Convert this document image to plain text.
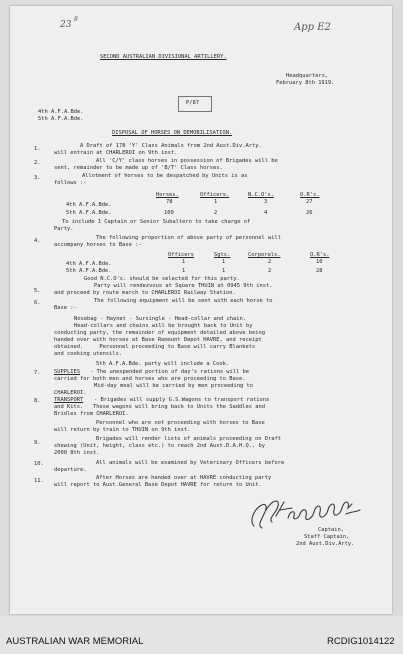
23
8
App E2
SECOND AUSTRALIAN DIVISIONAL ARTILLERY.
Headquarters,
February 8th 1919.
P/87
4th A.F.A.Bde.
5th A.F.A.Bde.
DISPOSAL OF HORSES ON DEMOBILISATION.
1.	A Draft of 178 'Y' Class Animals from 2nd Aust.Div.Arty.
will entrain at CHARLEROI on 9th inst.
2.	All 'C/Y' class horses in possession of Brigades will be
sent, remainder to be made up of 'B/T' Class horses.
3.	Allotment of horses to be despatched by Units is as
follows :-
Horses.	Officers.	N.C.O's.	O.R's.
4th A.F.A.Bde.	78	1	3	27
5th A.F.A.Bde.	100	2	4	26
To include 1 Captain or Senior Subaltern to take charge of
Party.
4.	The following proportion of above party of personnel will
accompany horses to Base :-
Officers	Sgts.	Corporals.	O.R's.
4th A.F.A.Bde.	1	1	2	10
5th A.F.A.Bde.	1	1	2	28
Good N.C.O's. should be selected for this party.
5.
Party will rendezvous at Square THUIN at 0945 9th inst.
and proceed by route march to CHARLEROI Railway Station.
6.	The following equipment will be sent with each horse to
Base :-
Nosebag - Haynet - Sursingle - Head-collar and chain.
Head-collars and chains will be brought back to Unit by
conducting party, the remainder of equipment detailed above being
handed over with horses at Base Remount Depot HAVRE, and receipt
obtained.     Personnel proceeding to Base will carry Blankets
and cooking utensils.
5th A.F.A.Bde. party will include a Cook.
7.	SUPPLIES - The unexpended portion of day's rations will be
carried for both men and horses who are proceeding to Base.
Mid-day meal will be carried by men proceeding to
CHARLEROI.
8.	TRANSPORT - Brigades will supply G.S.Wagons to transport rations
and Kits.   These wagons will bring back to Units the Saddles and
Bridles from CHARLEROI.
Personnel who are not proceeding with horses to Base
will return by train to THUIN on 9th inst.
9.
Brigades will render lists of animals proceeding on Draft
shewing (Unit, height, class etc.) to reach 2nd Aust.D.A.H.Q., by
2000 8th inst.
10.	All animals will be examined by Veterinary Officers before
departure.
11.	After Horses are handed over at HAVRE conducting party
will report to Aust.General Base Depot HAVRE for return to Unit.
Captain,
Staff Captain,
2nd Aust.Div.Arty.
AUSTRALIAN WAR MEMORIAL	RCDIG1014122
